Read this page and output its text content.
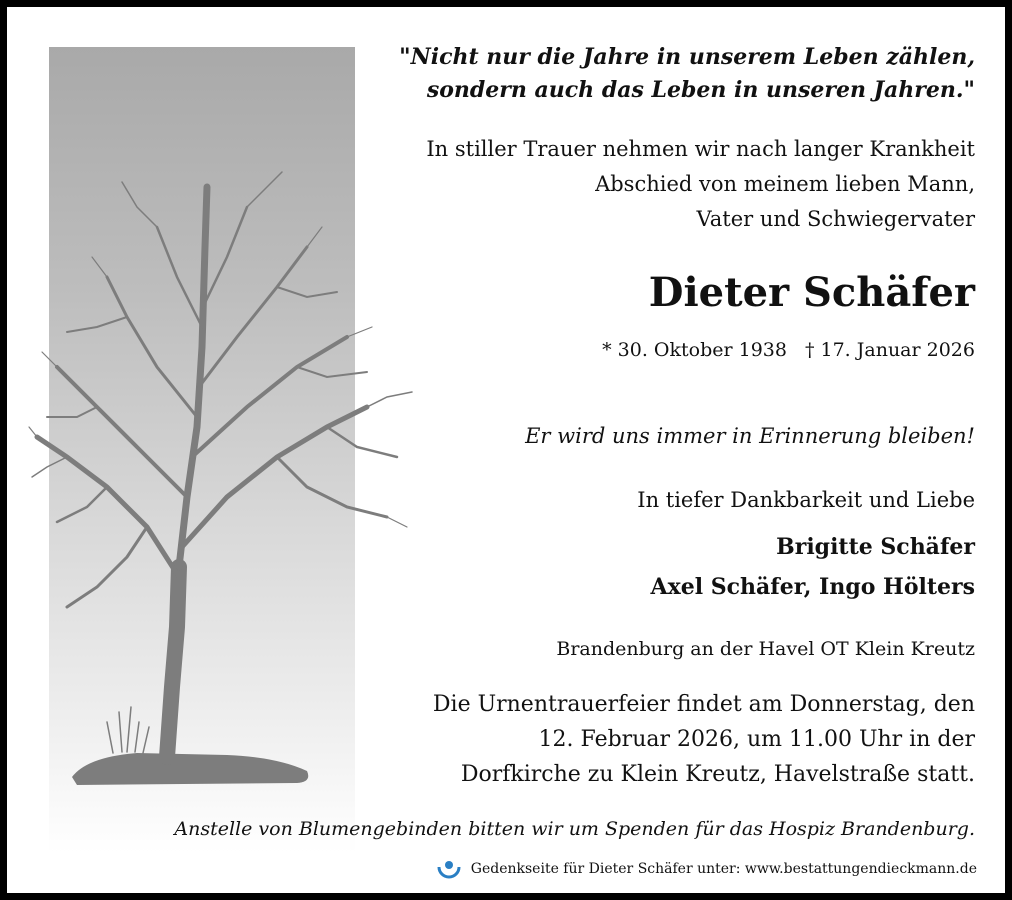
"Nicht nur die Jahre in unserem Leben zählen,
sondern auch das Leben in unseren Jahren."
In stiller Trauer nehmen wir nach langer Krankheit
Abschied von meinem lieben Mann,
Vater und Schwiegervater
Dieter Schäfer
* 30. Oktober 1938 † 17. Januar 2026
Er wird uns immer in Erinnerung bleiben!
In tiefer Dankbarkeit und Liebe
Brigitte Schäfer
Axel Schäfer, Ingo Hölters
Brandenburg an der Havel OT Klein Kreutz
Die Urnentrauerfeier findet am Donnerstag, den
12. Februar 2026, um 11.00 Uhr in der
Dorfkirche zu Klein Kreutz, Havelstraße statt.
Anstelle von Blumengebinden bitten wir um Spenden für das Hospiz Brandenburg.
Gedenkseite für Dieter Schäfer unter: www.bestattungendieckmann.de
